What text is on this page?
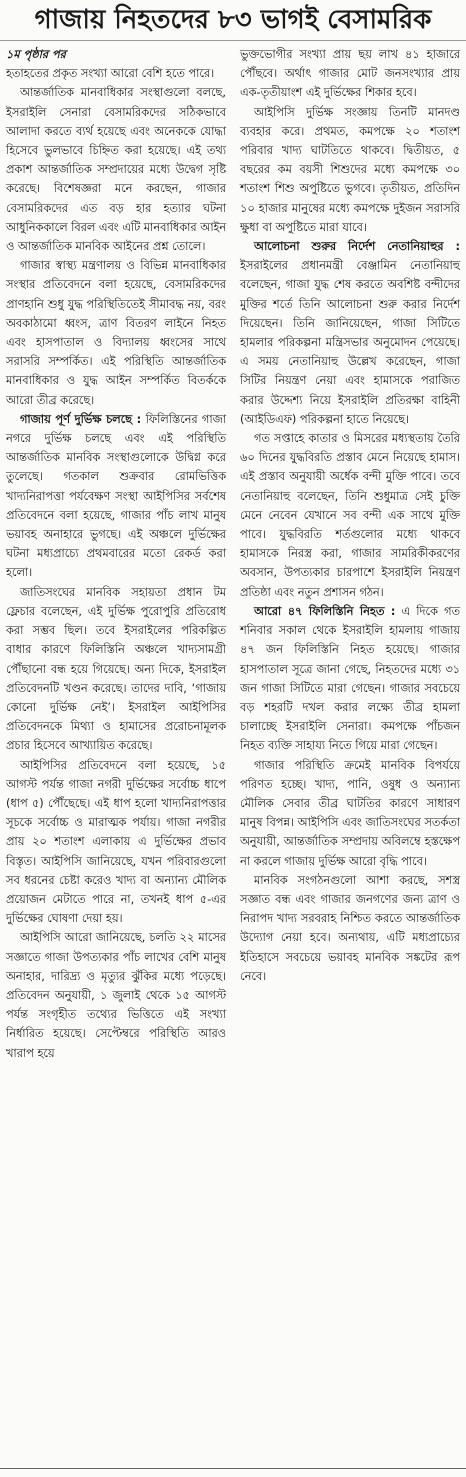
গাজায় নিহতদের ৮৩ ভাগই বেসামরিক

১ম পৃষ্ঠার পর

হতাহতের প্রকৃত সংখ্যা আরো বেশি হতে পারে।

আন্তর্জাতিক মানবাধিকার সংস্থাগুলো বলছে, ইসরাইলি সেনারা বেসামরিকদের সঠিকভাবে আলাদা করতে ব্যর্থ হয়েছে এবং অনেককে যোদ্ধা হিসেবে ভুলভাবে চিহ্নিত করা হয়েছে। এই তথ্য প্রকাশ আন্তর্জাতিক সম্প্রদায়ের মধ্যে উদ্বেগ সৃষ্টি করেছে। বিশেষজ্ঞরা মনে করছেন, গাজার বেসামরিকদের এত বড় হার হত্যার ঘটনা আধুনিককালে বিরল এবং এটি মানবাধিকার আইন ও আন্তর্জাতিক মানবিক আইনের প্রশ্ন তোলে।

গাজার স্বাস্থ্য মন্ত্রণালয় ও বিভিন্ন মানবাধিকার সংস্থার প্রতিবেদনে বলা হয়েছে, বেসামরিকদের প্রাণহানি শুধু যুদ্ধ পরিস্থিতিতেই সীমাবদ্ধ নয়, বরং অবকাঠামো ধ্বংস, ত্রাণ বিতরণ লাইনে নিহত এবং হাসপাতাল ও বিদ্যালয় ধ্বংসের সাথে সরাসরি সম্পর্কিত। এই পরিস্থিতি আন্তর্জাতিক মানবাধিকার ও যুদ্ধ আইন সম্পর্কিত বিতর্ককে আরো তীব্র করেছে।

গাজায় পূর্ণ দুর্ভিক্ষ চলছে : ফিলিস্তিনের গাজা নগরে দুর্ভিক্ষ চলছে এবং এই পরিস্থিতি আন্তর্জাতিক মানবিক সংস্থাগুলোকে উদ্বিগ্ন করে তুলেছে। গতকাল শুক্রবার রোমভিত্তিক খাদ্যনিরাপত্তা পর্যবেক্ষণ সংস্থা আইপিসির সর্বশেষ প্রতিবেদনে বলা হয়েছে, গাজার পাঁচ লাখ মানুষ ভয়াবহ অনাহারে ভুগছে। এই অঞ্চলে দুর্ভিক্ষের ঘটনা মধ্যপ্রাচ্যে প্রথমবারের মতো রেকর্ড করা হলো।

জাতিসংঘের মানবিক সহায়তা প্রধান টম ফ্লেচার বলেছেন, এই দুর্ভিক্ষ পুরোপুরি প্রতিরোধ করা সম্ভব ছিল। তবে ইসরাইলের পরিকল্পিত বাধার কারণে ফিলিস্তিনি অঞ্চলে খাদ্যসামগ্রী পৌঁছানো বন্ধ হয়ে গিয়েছে। অন্য দিকে, ইসরাইল প্রতিবেদনটি খণ্ডন করেছে। তাদের দাবি, ‘গাজায় কোনো দুর্ভিক্ষ নেই’। ইসরাইল আইপিসির প্রতিবেদনকে মিথ্যা ও হামাসের প্ররোচনামূলক প্রচার হিসেবে আখ্যায়িত করেছে।

আইপিসির প্রতিবেদনে বলা হয়েছে, ১৫ আগস্ট পর্যন্ত গাজা নগরী দুর্ভিক্ষের সর্বোচ্চ ধাপে (ধাপ ৫) পৌঁছেছে। এই ধাপ হলো খাদ্যনিরাপত্তার সূচকে সর্বোচ্চ ও মারাত্মক পর্যায়। গাজা নগরীর প্রায় ২০ শতাংশ এলাকায় এ দুর্ভিক্ষের প্রভাব বিস্তৃত। আইপিসি জানিয়েছে, যখন পরিবারগুলো সব ধরনের চেষ্টা করেও খাদ্য বা অন্যান্য মৌলিক প্রয়োজন মেটাতে পারে না, তখনই ধাপ ৫-এর দুর্ভিক্ষের ঘোষণা দেয়া হয়।

আইপিসি আরো জানিয়েছে, চলতি ২২ মাসের সজ্ঞাতে গাজা উপত্যকার পাঁচ লাখের বেশি মানুষ অনাহার, দারিদ্র্য ও মৃত্যুর ঝুঁকির মধ্যে পড়েছে। প্রতিবেদন অনুযায়ী, ১ জুলাই থেকে ১৫ আগস্ট পর্যন্ত সংগৃহীত তথ্যের ভিত্তিতে এই সংখ্যা নির্ধারিত হয়েছে। সেপ্টেম্বরে পরিস্থিতি আরও খারাপ হয়ে

ভুক্তভোগীর সংখ্যা প্রায় ছয় লাখ ৪১ হাজারে পৌঁছবে। অর্থাৎ গাজার মোট জনসংখ্যার প্রায় এক-তৃতীয়াংশ এই দুর্ভিক্ষের শিকার হবে।

আইপিসি দুর্ভিক্ষ সংজ্ঞায় তিনটি মানদণ্ড ব্যবহার করে। প্রথমত, কমপক্ষে ২০ শতাংশ পরিবার খাদ্য ঘাটতিতে থাকবে। দ্বিতীয়ত, ৫ বছরের কম বয়সী শিশুদের মধ্যে কমপক্ষে ৩০ শতাংশ শিশু অপুষ্টিতে ভুগবে। তৃতীয়ত, প্রতিদিন ১০ হাজার মানুষের মধ্যে কমপক্ষে দুইজন সরাসরি ক্ষুধা বা অপুষ্টিতে মারা যাবে।

আলোচনা শুরুর নির্দেশ নেতানিয়াহুর : ইসরাইলের প্রধানমন্ত্রী বেঞ্জামিন নেতানিয়াহু বলেছেন, গাজা যুদ্ধ শেষ করতে অবশিষ্ট বন্দীদের মুক্তির শর্তে তিনি আলোচনা শুরু করার নির্দেশ দিয়েছেন। তিনি জানিয়েছেন, গাজা সিটিতে হামলার পরিকল্পনা মন্ত্রিসভার অনুমোদন পেয়েছে। এ সময় নেতানিয়াহু উল্লেখ করেছেন, গাজা সিটির নিয়ন্ত্রণ নেয়া এবং হামাসকে পরাজিত করার উদ্দেশ্য নিয়ে ইসরাইলি প্রতিরক্ষা বাহিনী (আইডিএফ) পরিকল্পনা হাতে নিয়েছে।

গত সপ্তাহে কাতার ও মিসরের মধ্যস্থতায় তৈরি ৬০ দিনের যুদ্ধবিরতি প্রস্তাব মেনে নিয়েছে হামাস। এই প্রস্তাব অনুযায়ী অর্ধেক বন্দী মুক্তি পাবে। তবে নেতানিয়াহু বলেছেন, তিনি শুধুমাত্র সেই চুক্তি মেনে নেবেন যেখানে সব বন্দী এক সাথে মুক্তি পাবে। যুদ্ধবিরতি শর্তগুলোর মধ্যে থাকবে হামাসকে নিরস্ত্র করা, গাজার সামরিকীকরণের অবসান, উপত্যকার চারপাশে ইসরাইলি নিয়ন্ত্রণ প্রতিষ্ঠা এবং নতুন প্রশাসন গঠন।

আরো ৪৭ ফিলিস্তিনি নিহত : এ দিকে গত শনিবার সকাল থেকে ইসরাইলি হামলায় গাজায় ৪৭ জন ফিলিস্তিনি নিহত হয়েছে। গাজার হাসপাতাল সূত্রে জানা গেছে, নিহতদের মধ্যে ৩১ জন গাজা সিটিতে মারা গেছেন। গাজার সবচেয়ে বড় শহরটি দখল করার লক্ষ্যে তীব্র হামলা চালাচ্ছে ইসরাইলি সেনারা। কমপক্ষে পাঁচজন নিহত ব্যক্তি সাহায্য নিতে গিয়ে মারা গেছেন।

গাজার পরিস্থিতি ক্রমেই মানবিক বিপর্যয়ে পরিণত হচ্ছে। খাদ্য, পানি, ওষুধ ও অন্যান্য মৌলিক সেবার তীব্র ঘাটতির কারণে সাধারণ মানুষ বিপন্ন। আইপিসি এবং জাতিসংঘের সতর্কতা অনুযায়ী, আন্তর্জাতিক সম্প্রদায় অবিলম্বে হস্তক্ষেপ না করলে গাজায় দুর্ভিক্ষ আরো বৃদ্ধি পাবে।

মানবিক সংগঠনগুলো আশা করছে, সশস্ত্র সজ্ঞাত বন্ধ এবং গাজার জনগণের জন্য ত্রাণ ও নিরাপদ খাদ্য সরবরাহ নিশ্চিত করতে আন্তর্জাতিক উদ্যোগ নেয়া হবে। অন্যথায়, এটি মধ্যপ্রাচ্যের ইতিহাসে সবচেয়ে ভয়াবহ মানবিক সঙ্কটের রূপ নেবে।
